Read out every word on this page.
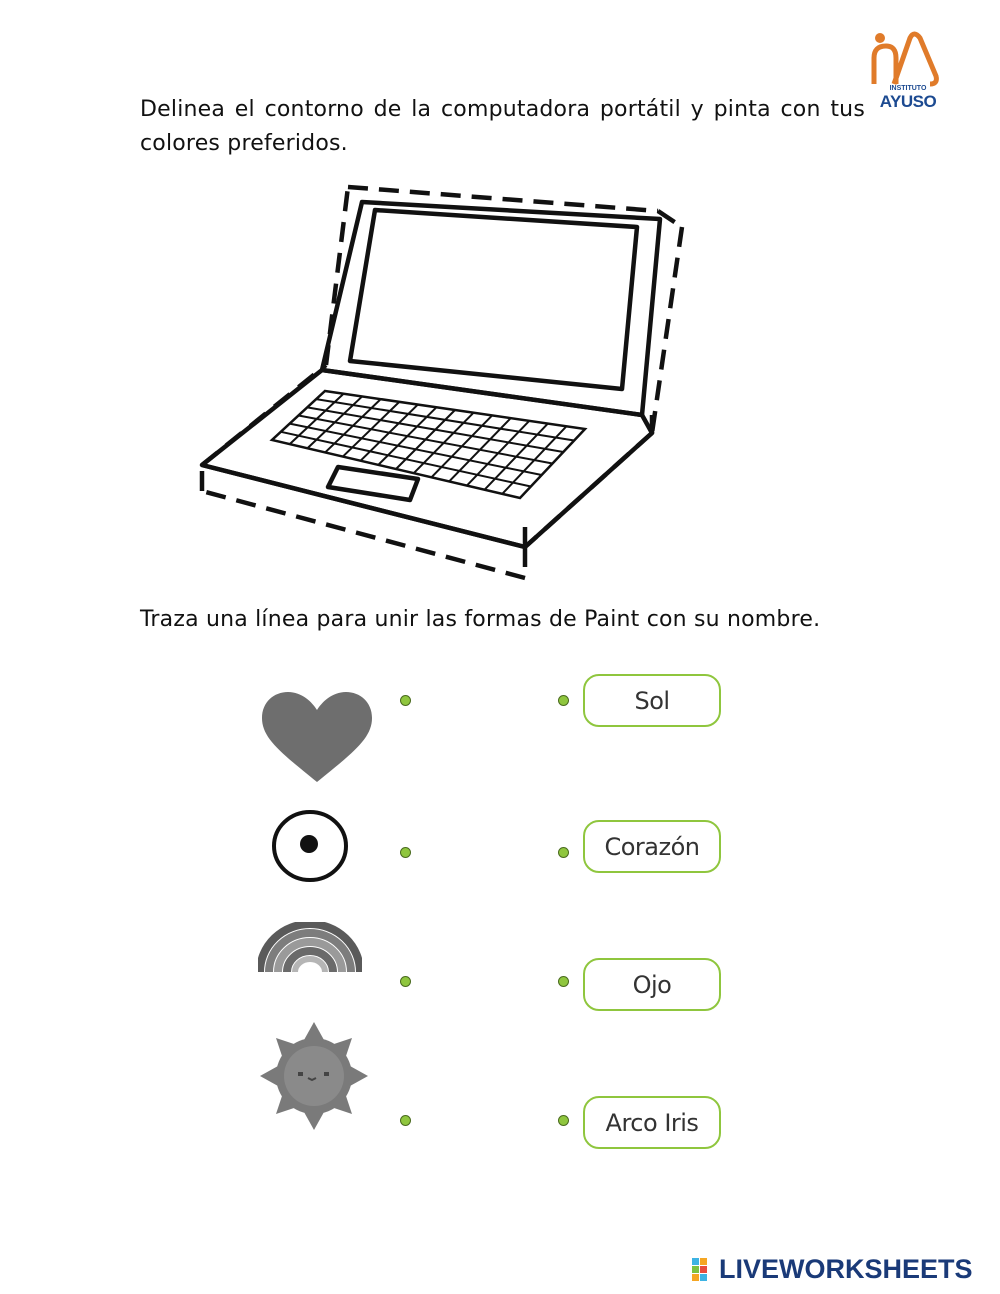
Delinea el contorno de la computadora portátil y pinta con tus colores preferidos.

INSTITUTO
AYUSO

Traza una línea para unir las formas de Paint con su nombre.

Sol
Corazón
Ojo
Arco Iris
LIVEWORKSHEETS
